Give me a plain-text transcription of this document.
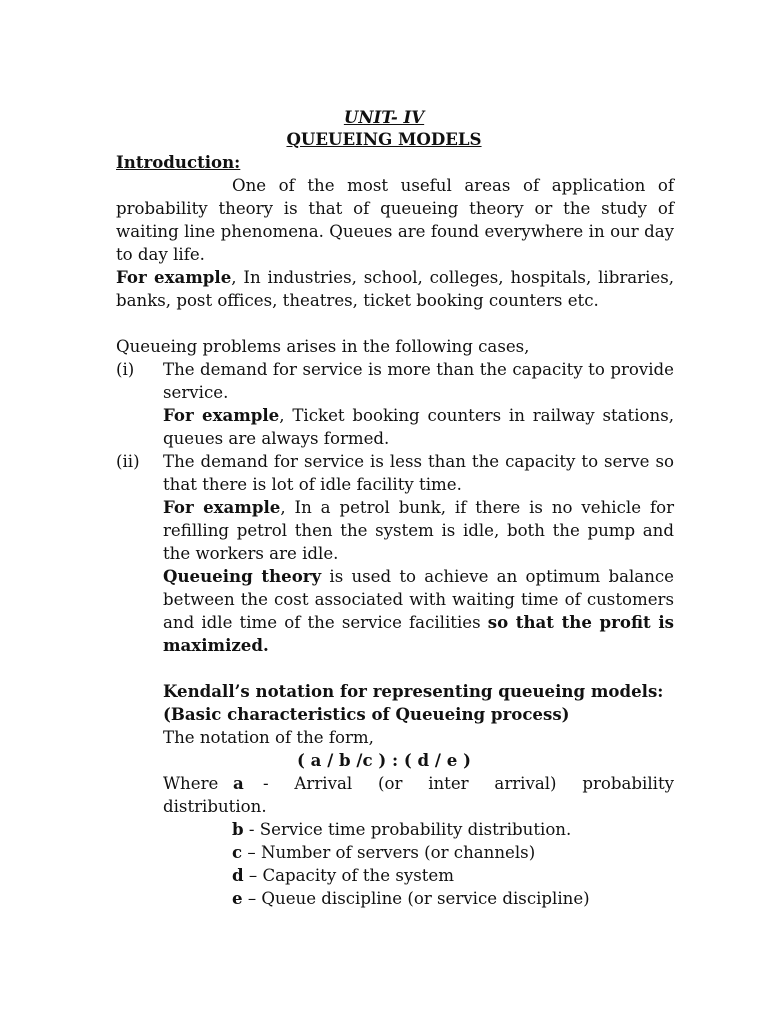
UNIT- IV
QUEUEING MODELS
Introduction:
One of the most useful areas of application of probability theory is that of queueing theory or the study of waiting line phenomena. Queues are found everywhere in our day to day life.
For example, In industries, school, colleges, hospitals, libraries, banks, post offices, theatres, ticket booking counters etc.
Queueing problems arises in the following cases,
(i) The demand for service is more than the capacity to provide service.
For example, Ticket booking counters in railway stations, queues are always formed.
(ii) The demand for service is less than the capacity to serve so that there is lot of idle facility time.
For example, In a petrol bunk, if there is no vehicle for refilling petrol then the system is idle, both the pump and the workers are idle.
Queueing theory is used to achieve an optimum balance between the cost associated with waiting time of customers and idle time of the service facilities so that the profit is maximized.
Kendall’s notation for representing queueing models:
(Basic characteristics of Queueing process)
The notation of the form,
( a / b /c ) : ( d / e )
Where a	- Arrival (or inter arrival) probability
distribution.
b - Service time probability distribution.
c – Number of servers (or channels)
d – Capacity of the system
e – Queue discipline (or service discipline)
